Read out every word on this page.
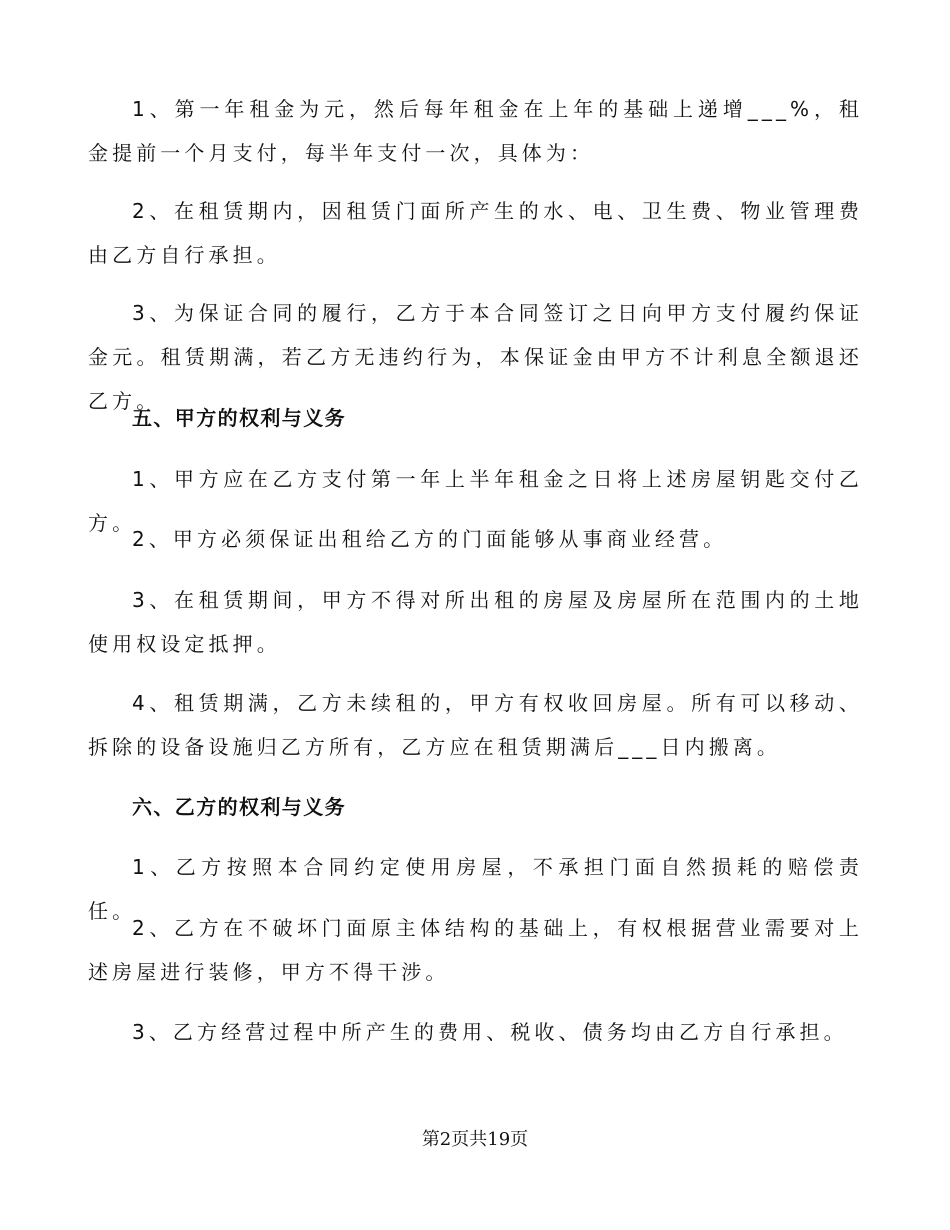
1、第一年租金为元，然后每年租金在上年的基础上递增___%，租金提前一个月支付，每半年支付一次，具体为：

2、在租赁期内，因租赁门面所产生的水、电、卫生费、物业管理费由乙方自行承担。

3、为保证合同的履行，乙方于本合同签订之日向甲方支付履约保证金元。租赁期满，若乙方无违约行为，本保证金由甲方不计利息全额退还乙方。

五、甲方的权利与义务

1、甲方应在乙方支付第一年上半年租金之日将上述房屋钥匙交付乙方。

2、甲方必须保证出租给乙方的门面能够从事商业经营。

3、在租赁期间，甲方不得对所出租的房屋及房屋所在范围内的土地使用权设定抵押。

4、租赁期满，乙方未续租的，甲方有权收回房屋。所有可以移动、拆除的设备设施归乙方所有，乙方应在租赁期满后___日内搬离。

六、乙方的权利与义务

1、乙方按照本合同约定使用房屋，不承担门面自然损耗的赔偿责任。

2、乙方在不破坏门面原主体结构的基础上，有权根据营业需要对上述房屋进行装修，甲方不得干涉。

3、乙方经营过程中所产生的费用、税收、债务均由乙方自行承担。

第2页共19页
